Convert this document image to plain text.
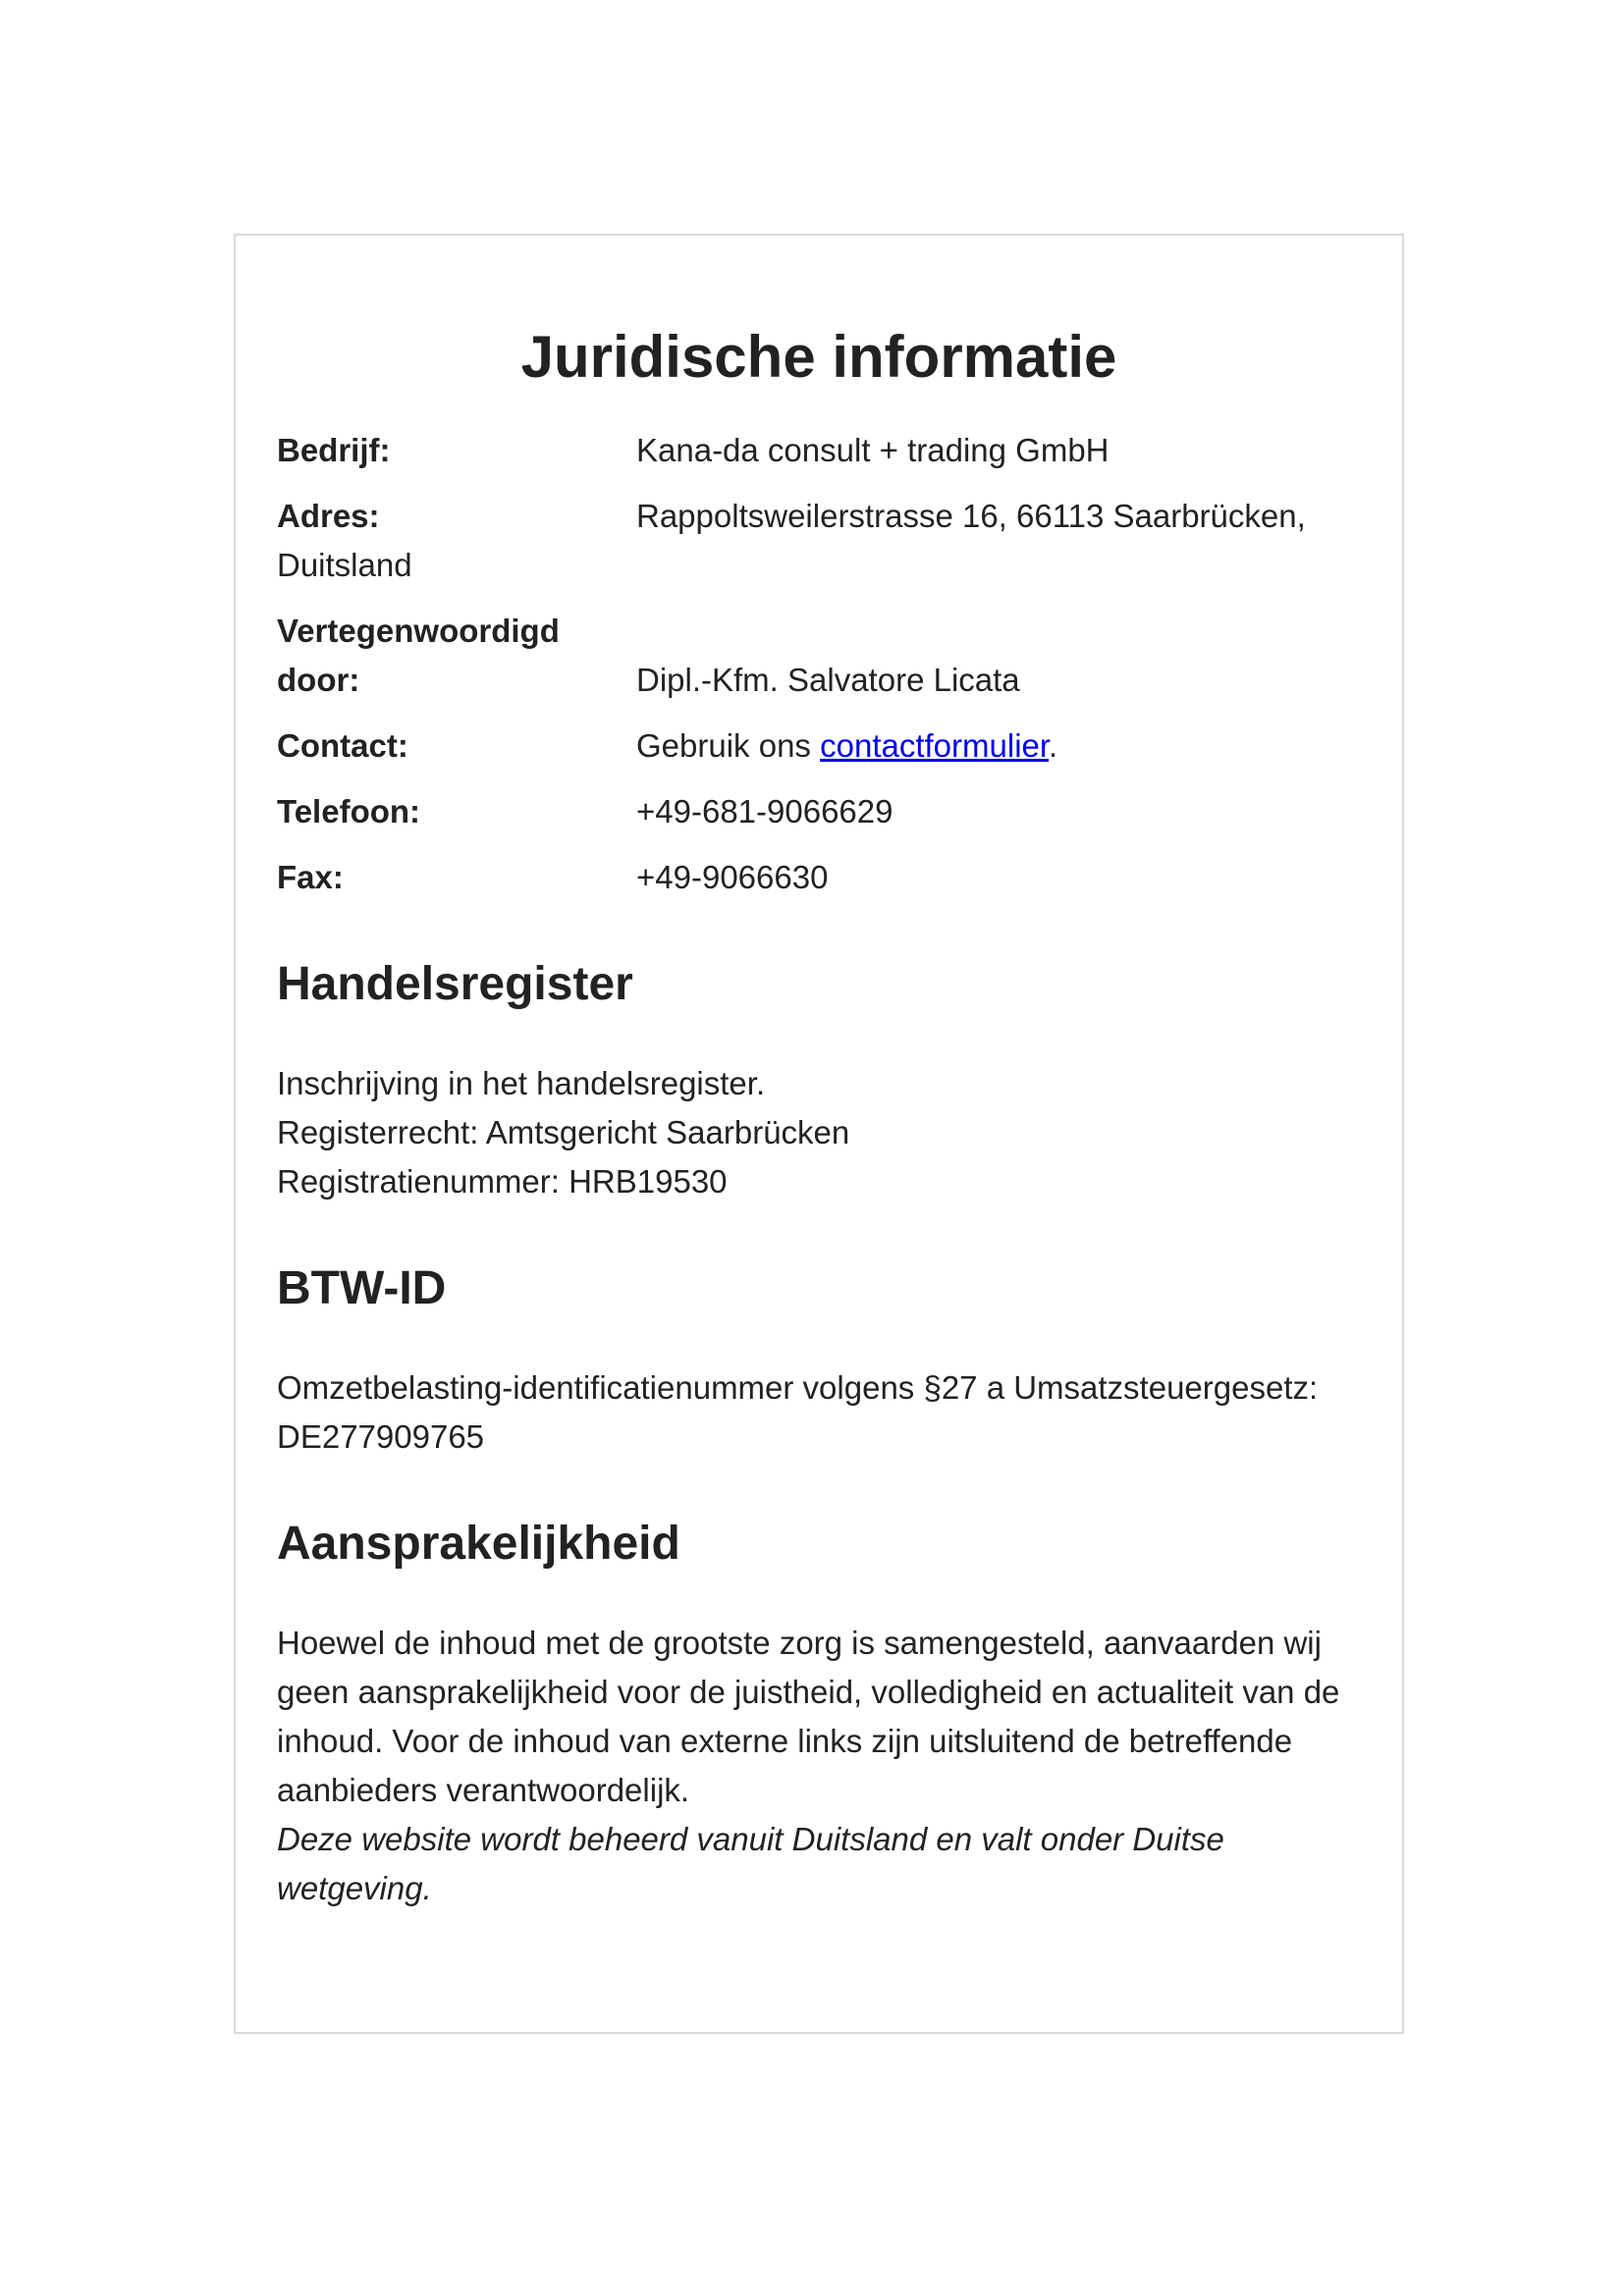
Juridische informatie
Bedrijf:	Kana-da consult + trading GmbH
Adres:	Rappoltsweilerstrasse 16, 66113 Saarbrücken, Duitsland
Vertegenwoordigd door:	Dipl.-Kfm. Salvatore Licata
Contact:	Gebruik ons contactformulier.
Telefoon:	+49-681-9066629
Fax:	+49-9066630
Handelsregister

Inschrijving in het handelsregister.

Registerrecht: Amtsgericht Saarbrücken

Registratienummer: HRB19530

BTW-ID

Omzetbelasting-identificatienummer volgens §27 a Umsatzsteuergesetz: DE277909765

Aansprakelijkheid

Hoewel de inhoud met de grootste zorg is samengesteld, aanvaarden wij geen aansprakelijkheid voor de juistheid, volledigheid en actualiteit van de inhoud. Voor de inhoud van externe links zijn uitsluitend de betreffende aanbieders verantwoordelijk.

Deze website wordt beheerd vanuit Duitsland en valt onder Duitse wetgeving.
